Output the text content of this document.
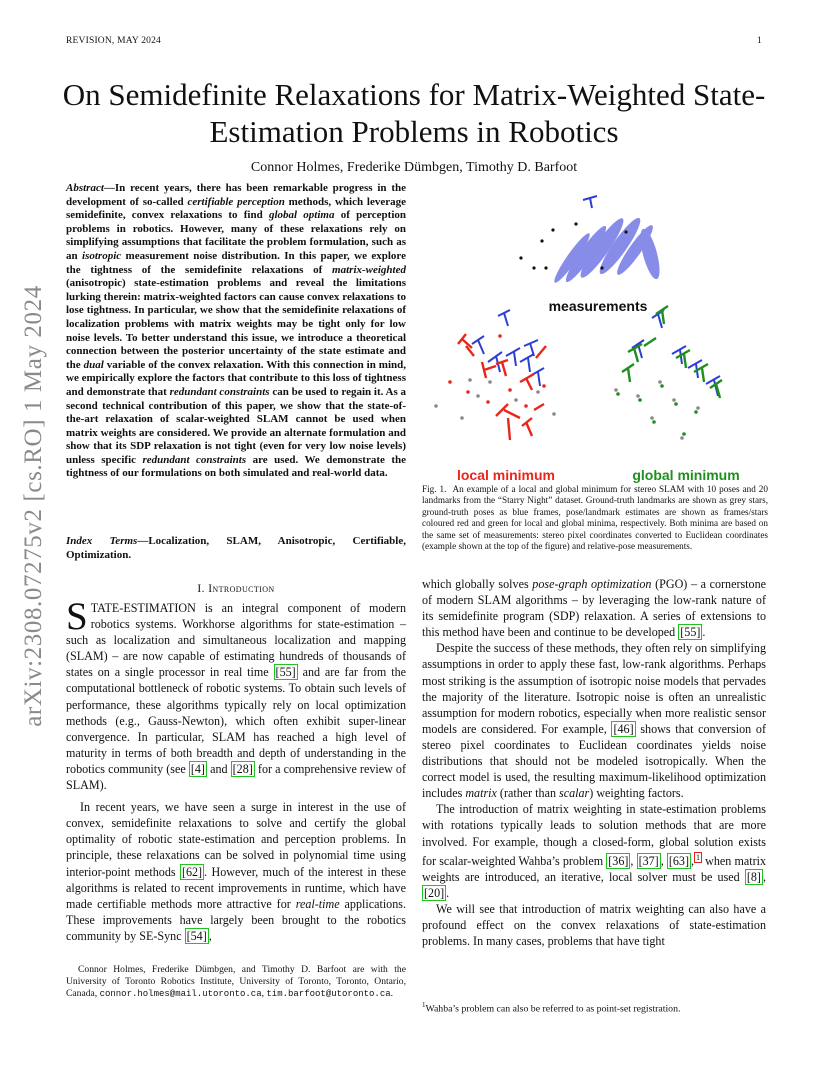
REVISION, MAY 2024	1
On Semidefinite Relaxations for Matrix-Weighted State-Estimation Problems in Robotics
Connor Holmes, Frederike Dümbgen, Timothy D. Barfoot
arXiv:2308.07275v2 [cs.RO] 1 May 2024
Abstract—In recent years, there has been remarkable progress in the development of so-called certifiable perception methods, which leverage semidefinite, convex relaxations to find global optima of perception problems in robotics. However, many of these relaxations rely on simplifying assumptions that facilitate the problem formulation, such as an isotropic measurement noise distribution. In this paper, we explore the tightness of the semidefinite relaxations of matrix-weighted (anisotropic) state-estimation problems and reveal the limitations lurking therein: matrix-weighted factors can cause convex relaxations to lose tightness. In particular, we show that the semidefinite relaxations of localization problems with matrix weights may be tight only for low noise levels. To better understand this issue, we introduce a theoretical connection between the posterior uncertainty of the state estimate and the dual variable of the convex relaxation. With this connection in mind, we empirically explore the factors that contribute to this loss of tightness and demonstrate that redundant constraints can be used to regain it. As a second technical contribution of this paper, we show that the state-of-the-art relaxation of scalar-weighted SLAM cannot be used when matrix weights are considered. We provide an alternate formulation and show that its SDP relaxation is not tight (even for very low noise levels) unless specific redundant constraints are used. We demonstrate the tightness of our formulations on both simulated and real-world data.
Index Terms—Localization, SLAM, Anisotropic, Certifiable, Optimization.
I. Introduction
STATE-ESTIMATION is an integral component of modern robotics systems. Workhorse algorithms for state-estimation – such as localization and simultaneous localization and mapping (SLAM) – are now capable of estimating hundreds of thousands of states on a single processor in real time [55] and are far from the computational bottleneck of robotic systems. To obtain such levels of performance, these algorithms typically rely on local optimization methods (e.g., Gauss-Newton), which often exhibit super-linear convergence. In particular, SLAM has reached a high level of maturity in terms of both breadth and depth of understanding in the robotics community (see [4] and [28] for a comprehensive review of SLAM).
In recent years, we have seen a surge in interest in the use of convex, semidefinite relaxations to solve and certify the global optimality of robotic state-estimation and perception problems. In principle, these relaxations can be solved in polynomial time using interior-point methods [62] . However, much of the interest in these algorithms is related to recent improvements in runtime, which have made certifiable methods more attractive for real-time applications. These improvements have largely been brought to the robotics community by SE-Sync [54] ,
Connor Holmes, Frederike Dümbgen, and Timothy D. Barfoot are with the University of Toronto Robotics Institute, University of Toronto, Toronto, Ontario, Canada, connor.holmes@mail.utoronto.ca, tim.barfoot@utoronto.ca.
measurements
local minimum	global minimum
Fig. 1. An example of a local and global minimum for stereo SLAM with 10 poses and 20 landmarks from the “Starry Night” dataset. Ground-truth landmarks are shown as grey stars, ground-truth poses as blue frames, pose/landmark estimates are shown as frames/stars coloured red and green for local and global minima, respectively. Both minima are based on the same set of measurements: stereo pixel coordinates converted to Euclidean coordinates (example shown at the top of the figure) and relative-pose measurements.

which globally solves pose-graph optimization (PGO) – a cornerstone of modern SLAM algorithms – by leveraging the low-rank nature of its semidefinite program (SDP) relaxation. A series of extensions to this method have been and continue to be developed [55] .

Despite the success of these methods, they often rely on simplifying assumptions in order to apply these fast, low-rank algorithms. Perhaps most striking is the assumption of isotropic noise models that pervades the majority of the literature. Isotropic noise is often an unrealistic assumption for modern robotics, especially when more realistic sensor models are considered. For example, [46] shows that conversion of stereo pixel coordinates to Euclidean coordinates yields noise distributions that should not be modeled isotropically. When the correct model is used, the resulting maximum-likelihood optimization includes matrix (rather than scalar) weighting factors.

The introduction of matrix weighting in state-estimation problems with rotations typically leads to solution methods that are more involved. For example, though a closed-form, global solution exists for scalar-weighted Wahba’s problem [36] , [37] , [63] , $^1$ when matrix weights are introduced, an iterative, local solver must be used [8] , [20] .

We will see that introduction of matrix weighting can also have a profound effect on the convex relaxations of state-estimation problems. In many cases, problems that have tight

$^1$Wahba’s problem can also be referred to as point-set registration.
